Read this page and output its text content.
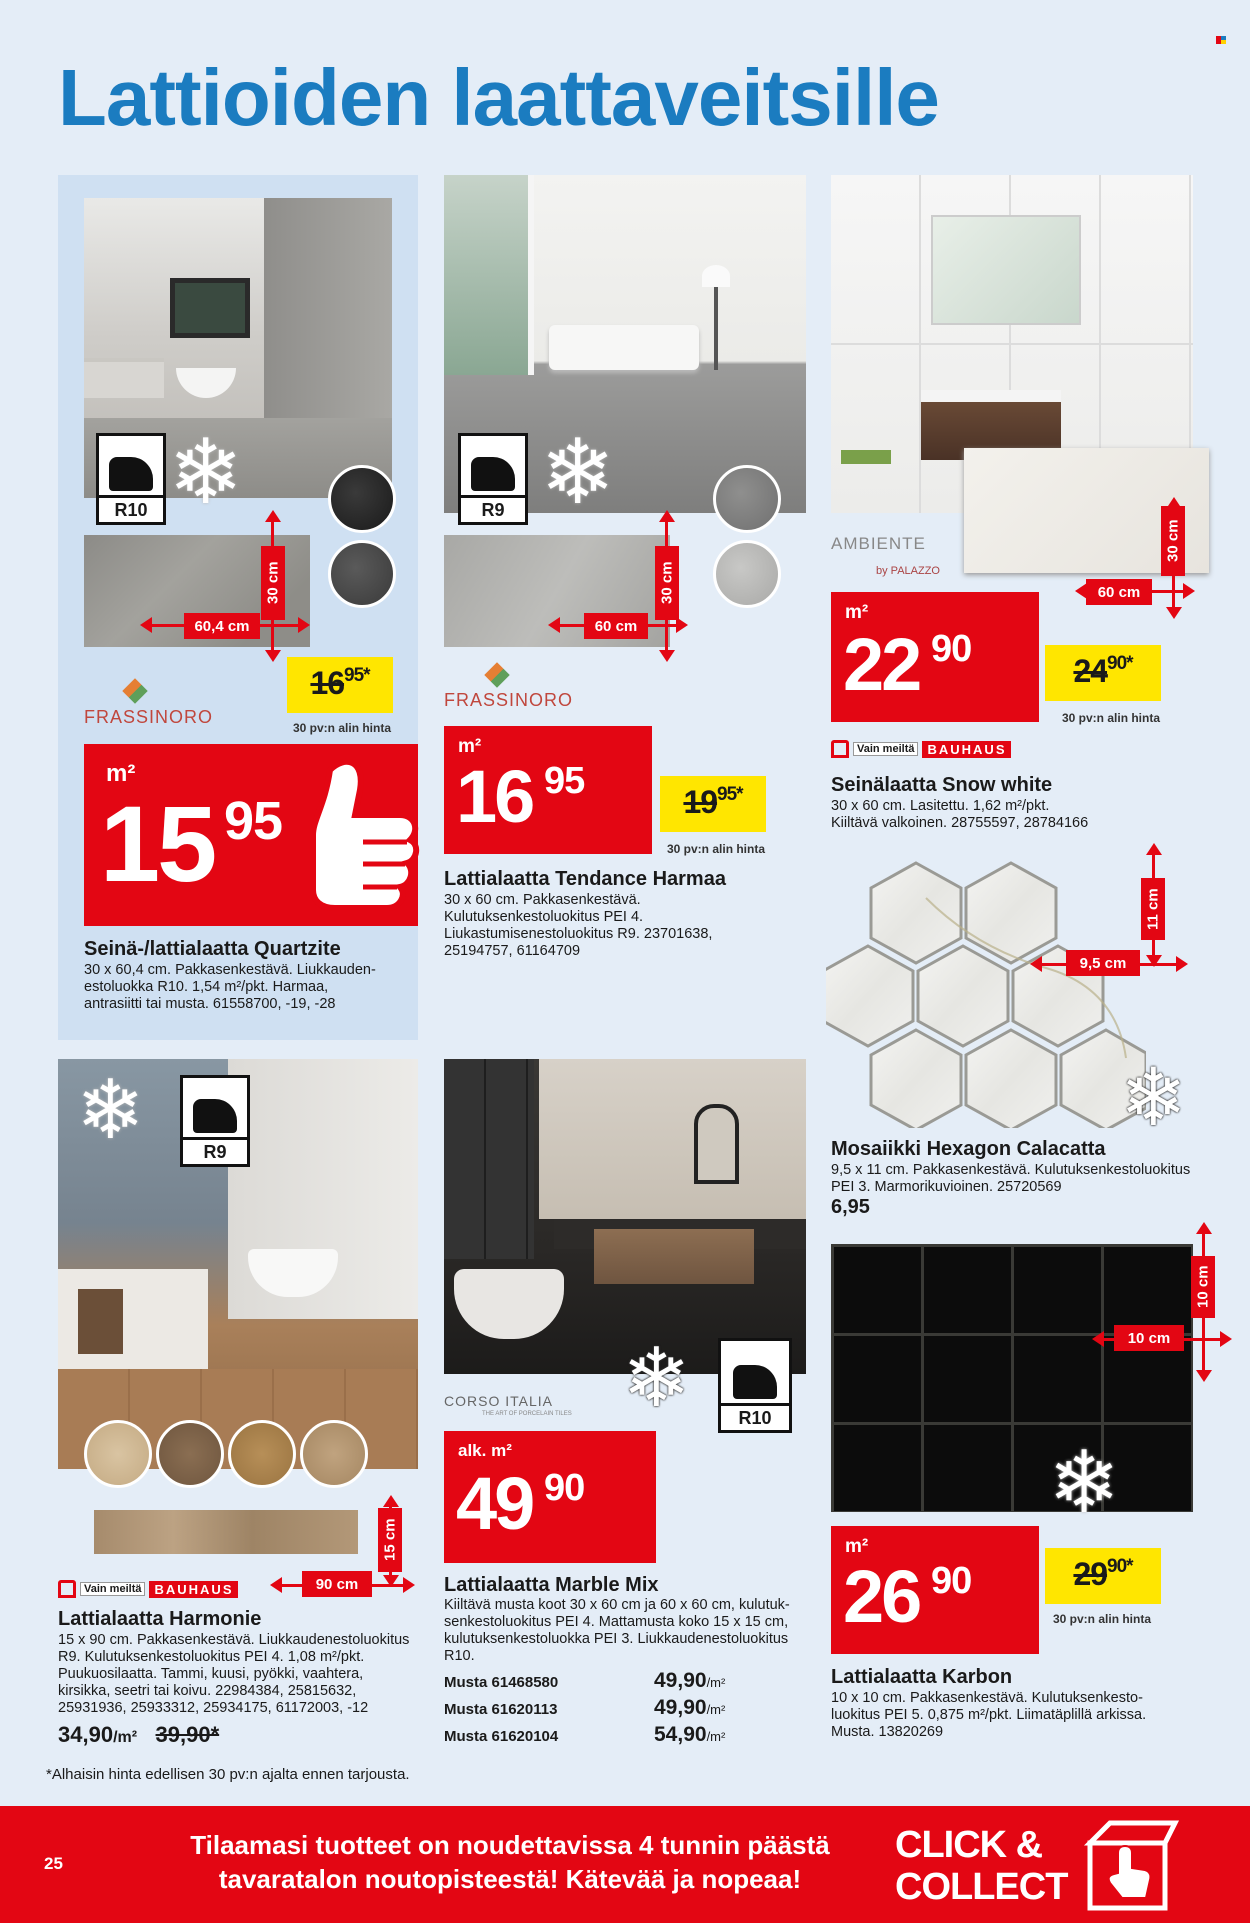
Lattioiden laattaveitsille
R10 ❄
30 cm
60,4 cm
FRASSINORO
$16^{95*}$
30 pv:n alin hinta
m²
15 95
Seinä-/lattialaatta Quartzite
30 x 60,4 cm. Pakkasenkestävä. Liukkauden-
estoluokka R10. 1,54 m²/pkt. Harmaa,
antrasiitti tai musta. 61558700, -19, -28
R9 ❄
30 cm
60 cm
FRASSINORO
m²
16 95	$19^{95*}$
30 pv:n alin hinta
Lattialaatta Tendance Harmaa
30 x 60 cm. Pakkasenkestävä.
Kulutuksenkestoluokitus PEI 4.
Liukastumisenestoluokitus R9. 23701638,
25194757, 61164709
30 cm
AMBIENTE
by PALAZZO
60 cm
m²
22 90
$24^{90*}$
30 pv:n alin hinta
Vain meiltä	BAUHAUS
Seinälaatta Snow white
30 x 60 cm. Lasitettu. 1,62 m²/pkt.
Kiiltävä valkoinen. 28755597, 28784166
11 cm
9,5 cm
❄
Mosaiikki Hexagon Calacatta
9,5 x 11 cm. Pakkasenkestävä. Kulutuksenkestoluokitus
PEI 3. Marmorikuvioinen. 25720569
6,95
❄	R9
15 cm
90 cm
Vain meiltä	BAUHAUS
Lattialaatta Harmonie
15 x 90 cm. Pakkasenkestävä. Liukkaudenestoluokitus
R9. Kulutuksenkestoluokitus PEI 4. 1,08 m²/pkt.
Puukuosilaatta. Tammi, kuusi, pyökki, vaahtera,
kirsikka, seetri tai koivu. 22984384, 25815632,
25931936, 25933312, 25934175, 61172003, -12
34,90/m² 39,90*
❄	R10
CORSO ITALIA
THE ART OF PORCELAIN TILES
alk. m²
49 90
Lattialaatta Marble Mix
Kiiltävä musta koot 30 x 60 cm ja 60 x 60 cm, kulutuk-
senkestoluokitus PEI 4. Mattamusta koko 15 x 15 cm,
kulutuksenkestoluokka PEI 3. Liukkaudenestoluokitus
R10.
Musta 61468580	49,90/m²
Musta 61620113	49,90/m²
Musta 61620104	54,90/m²
❄
10 cm
10 cm
m²
26 90	$29^{90*}$
30 pv:n alin hinta
Lattialaatta Karbon
10 x 10 cm. Pakkasenkestävä. Kulutuksenkesto-
luokitus PEI 5. 0,875 m²/pkt. Liimatäplillä arkissa.
Musta. 13820269
*Alhaisin hinta edellisen 30 pv:n ajalta ennen tarjousta.
25
Tilaamasi tuotteet on noudettavissa 4 tunnin päästä
tavaratalon noutopisteestä! Kätevää ja nopeaa!
CLICK &
COLLECT
